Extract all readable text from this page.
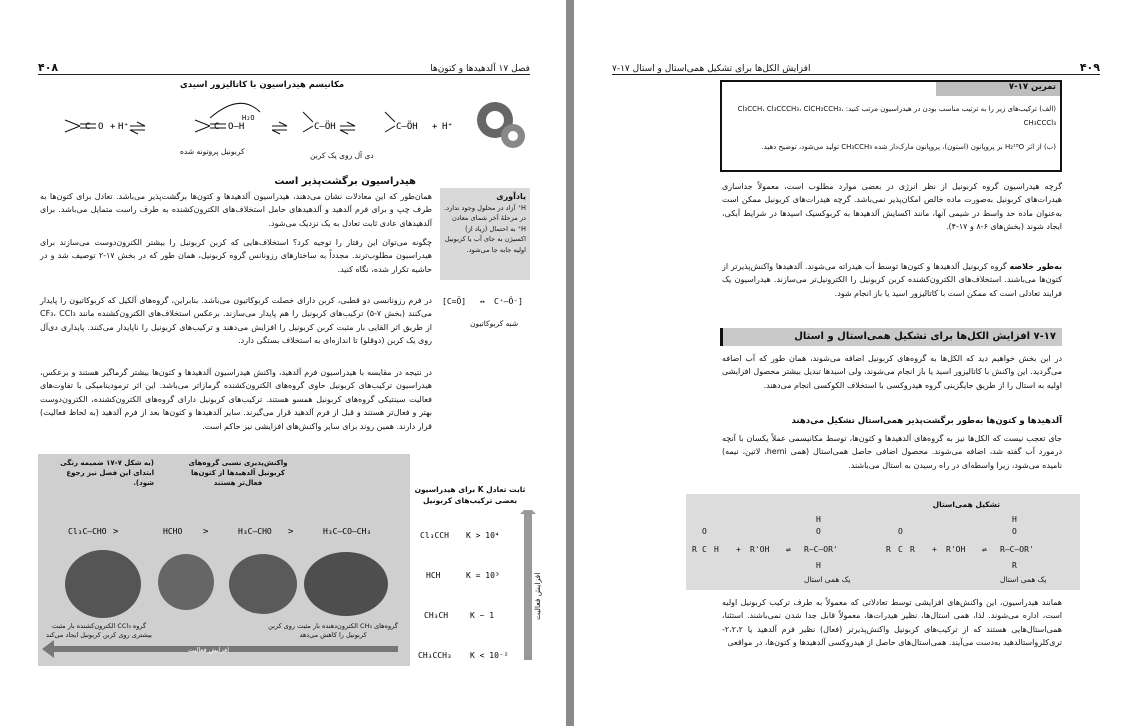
۴۰۸	فصل ۱۷ آلدهیدها و کتون‌ها
مکانیسم هیدراسیون با کاتالیزور اسیدی
O
C + H⁺	C O–H
H₂O
C–ÖH	C–ÖH + H⁺
کربونیل پروتونه شده	دی آل روی یک کربن
هیدراسیون برگشت‌پذیر است
یادآوری
H⁺ آزاد در محلول وجود ندارد. در مرحلهٔ آخر شمای معادن H⁺ به احتمال (زیاد از) اکسیژن به جای آب یا کربونیل اولیه جابه جا می‌شود.
[C=Ö] ↔ C⁺–Ö⁻]
شبه کربوکاتیون
همان‌طور که این معادلات نشان می‌دهند، هیدراسیون آلدهیدها و کتون‌ها برگشت‌پذیر می‌باشد. تعادل برای کتون‌ها به طرف چپ و برای فرم آلدهید و آلدهیدهای حامل استخلاف‌های الکترون‌کشنده به طرف راست متمایل می‌باشد. برای آلدهیدهای عادی ثابت تعادل به یک نزدیک می‌شود.
چگونه می‌توان این رفتار را توجیه کرد؟ استخلاف‌هایی که کربن کربونیل را بیشتر الکترون‌دوست می‌سازند برای هیدراسیون مطلوب‌ترند. مجدداً به ساختارهای رزونانس گروه کربونیل، همان طور که در بخش ۱۷-۲ توصیف شد و در حاشیه تکرار شده، نگاه کنید.
در فرم رزونانسی دو قطبی، کربن دارای خصلت کربوکاتیون می‌باشد. بنابراین، گروه‌های آلکیل که کربوکاتیون را پایدار می‌کنند (بخش ۷-۵) ترکیب‌های کربونیل را هم پایدار می‌سازند. برعکس استخلاف‌های الکترون‌کشنده مانند CF₃، CCl₃ از طریق اثر القایی بار مثبت کربن کربونیل را افزایش می‌دهند و ترکیب‌های کربونیل را ناپایدار می‌کنند. پایداری دی‌آل روی یک کربن (دوقلو) تا اندازه‌ای به استخلاف بستگی دارد.
در نتیجه در مقایسه با هیدراسیون فرم آلدهید، واکنش هیدراسیون آلدهیدها و کتون‌ها بیشتر گرماگیر هستند و برعکس، هیدراسیون ترکیب‌های کربونیل حاوی گروه‌های الکترون‌کشنده گرمازاتر می‌باشد. این اثر ترمودینامیکی با تفاوت‌های فعالیت سینتیکی گروه‌های کربونیل همسو هستند. ترکیب‌های کربونیل دارای گروه‌های الکترون‌کشنده، الکترون‌دوست بهتر و فعال‌تر هستند و قبل از فرم آلدهید قرار می‌گیرند. سایر آلدهیدها و کتون‌ها بعد از فرم آلدهید (به لحاظ فعالیت) قرار دارند. همین روند برای سایر واکنش‌های افزایشی نیز حاکم است.
(به شکل ۷-۱۷ ضمیمه رنگی ابتدای این فصل نیز رجوع شود).
واکنش‌پذیری نسبی گروه‌های کربونیل آلدهیدها از کتون‌ها فعال‌تر هستند
Cl₃C–CHO >	HCHO >	H₃C–CHO >	H₃C–CO–CH₃
گروه CCl₃ الکترون‌کشنده بار مثبت بیشتری روی کربن کربونیل ایجاد می‌کند
گروه‌های CH₃ الکترون‌دهنده بار مثبت روی کربن کربونیل را کاهش می‌دهد
افزایش فعالیت
ثابت تعادل K برای هیدراسیون بعضی ترکیب‌های کربونیل
Cl₃CCH K > 10⁴
HCH	K = 10³
CH₃CH	K ~ 1
CH₃CCH₃ K < 10⁻²
افزایش فعالیت
۷-۱۷ افزایش الکل‌ها برای تشکیل همی‌استال و استال	۴۰۹
تمرین ۱۷-۷
(الف) ترکیب‌های زیر را به ترتیب مناسب بودن در هیدراسیون مرتب کنید: Cl₃CCH، Cl₃CCCH₃، ClCH₂CCH₃، CH₃CCCl₃
(ب) از اثر H₂¹⁸O بر پروپانون (استون)، پروپانون مارک‌دار شده CH₃CCH₃ تولید می‌شود، توضیح دهید.
گرچه هیدراسیون گروه کربونیل از نظر انرژی در بعضی موارد مطلوب است، معمولاً جداسازی هیدرات‌های کربونیل به‌صورت ماده خالص امکان‌پذیر نمی‌باشد. گرچه هیدرات‌های کربونیل ممکن است به‌عنوان ماده حد واسط در شیمی آنها، مانند اکسایش آلدهیدها به کربوکسیک اسیدها در شرایط آبکی، ایجاد شوند (بخش‌های ۶-۸ و ۱۷-۴).
به‌طور خلاصه گروه کربونیل آلدهیدها و کتون‌ها توسط آب هیدراته می‌شوند. آلدهیدها واکنش‌پذیرتر از کتون‌ها می‌باشند. استخلاف‌های الکترون‌کشنده کربن کربونیل را الکترونیل‌تر می‌سازند. هیدراسیون یک فرایند تعادلی است که ممکن است با کاتالیزور اسید یا باز انجام شود.
۷-۱۷ افزایش الکل‌ها برای تشکیل همی‌استال و استال
در این بخش خواهیم دید که الکل‌ها به گروه‌های کربونیل اضافه می‌شوند، همان طور که آب اضافه می‌گردید. این واکنش با کاتالیزور اسید یا باز انجام می‌شوند، ولی اسیدها تبدیل بیشتر محصول افزایشی اولیه به استال را از طریق جایگزینی گروه هیدروکسی با استخلاف الکوکسی انجام می‌دهند.
آلدهیدها و کتون‌ها به‌طور برگشت‌پذیر همی‌استال تشکیل می‌دهند
جای تعجب نیست که الکل‌ها نیز به گروه‌های آلدهیدها و کتون‌ها، توسط مکانیسمی عملاً یکسان با آنچه درمورد آب گفته شد، اضافه می‌شوند. محصول اضافی حاصل همی‌استال (همی hemi، لاتین، نیمه) نامیده می‌شود، زیرا واسطه‌ای در راه رسیدن به استال می‌باشند.
تشکیل همی‌استال
R
O
C H + R'OH ⇌ R–C–OR'
H
O
H
R
O
C R + R'OH ⇌ R–C–OR'
H
O
R
یک همی استال	یک همی استال
همانند هیدراسیون، این واکنش‌های افزایشی توسط تعادلاتی که معمولاً به طرف ترکیب کربونیل اولیه است، اداره می‌شوند. لذا، همی استال‌ها، نظیر هیدرات‌ها، معمولاً قابل جدا شدن نمی‌باشند. استثنا، همی‌استال‌هایی هستند که از ترکیب‌های کربونیل واکنش‌پذیرتر (فعال) نظیر فرم آلدهید یا ۲،۲،۲-تری‌کلرواستالدهید به‌دست می‌آیند. همی‌استال‌های حاصل از هیدروکسی آلدهیدها و کتون‌ها، در مواقعی
